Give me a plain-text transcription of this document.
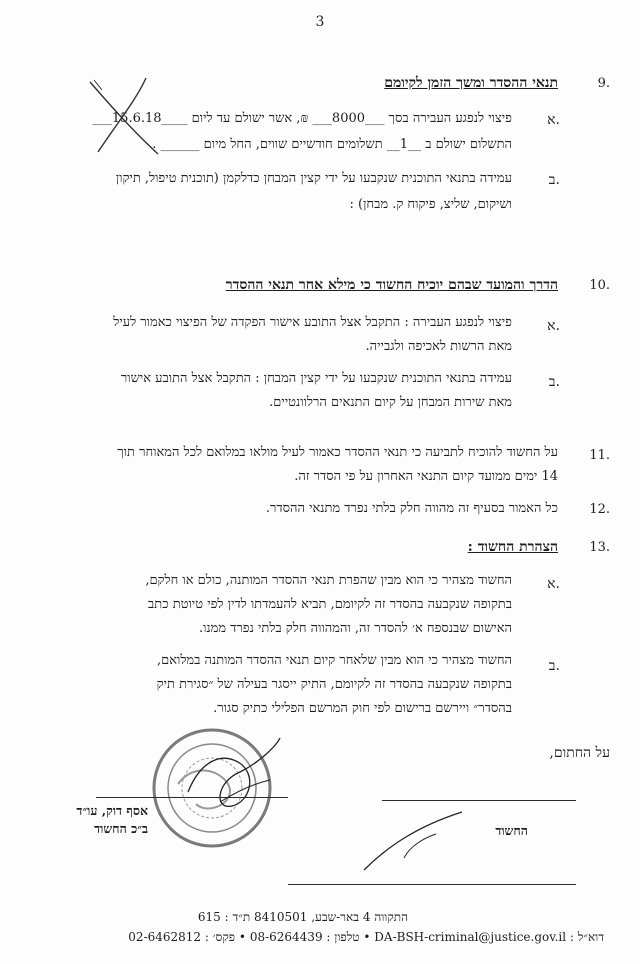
3
9.
תנאי ההסדר ומשך הזמן לקיומם
א.
פיצוי לנפגע העבירה בסך ___8000___ ₪, אשר ישולם עד ליום ____15.6.18___
התשלום ישולם ב __1__ תשלומים חודשיים שווים, החל מיום ______ .
ב.
עמידה בתנאי התוכנית שנקבעו על ידי קצין המבחן כדלקמן (תוכנית טיפול, תיקון
ושיקום, שליצ, פיקוח ק. מבחן) :
10.
הדרך והמועד שבהם יוכיח החשוד כי מילא אחר תנאי ההסדר
א.
פיצוי לנפגע העבירה : התקבל אצל התובע אישור הפקדה של הפיצוי כאמור לעיל
מאת הרשות לאכיפה ולגבייה.
ב.
עמידה בתנאי התוכנית שנקבעו על ידי קצין המבחן : התקבל אצל התובע אישור
מאת שירות המבחן על קיום התנאים הרלוונטיים.
11.
על החשוד להוכיח לתביעה כי תנאי ההסדר כאמור לעיל מולאו במלואם לכל המאוחר תוך
14 ימים ממועד קיום התנאי האחרון על פי הסדר זה.
12.
כל האמור בסעיף זה מהווה חלק בלתי נפרד מתנאי ההסדר.
13.
הצהרת החשוד :
א.
החשוד מצהיר כי הוא מבין שהפרת תנאי ההסדר המותנה, כולם או חלקם,
בתקופה שנקבעה בהסדר זה לקיומם, תביא להעמדתו לדין לפי טיוטת כתב
האישום שבנספח א׳ להסדר זה, והמהווה חלק בלתי נפרד ממנו.
ב.
החשוד מצהיר כי הוא מבין שלאחר קיום תנאי ההסדר המותנה במלואם,
בתקופה שנקבעה בהסדר זה לקיומם, התיק ייסגר בעילה של ״סגירת תיק
בהסדר״ ויירשם ברישום לפי חוק המרשם הפלילי כתיק סגור.
על החתום,
אסף דוק, עו״ד
ב״כ החשוד	החשוד
התקווה 4 באר-שבע, 8410501 ת״ד : 615
דוא״ל : DA-BSH-criminal@justice.gov.il • טלפון : 08-6264439 • פקס׳ : 02-6462812
